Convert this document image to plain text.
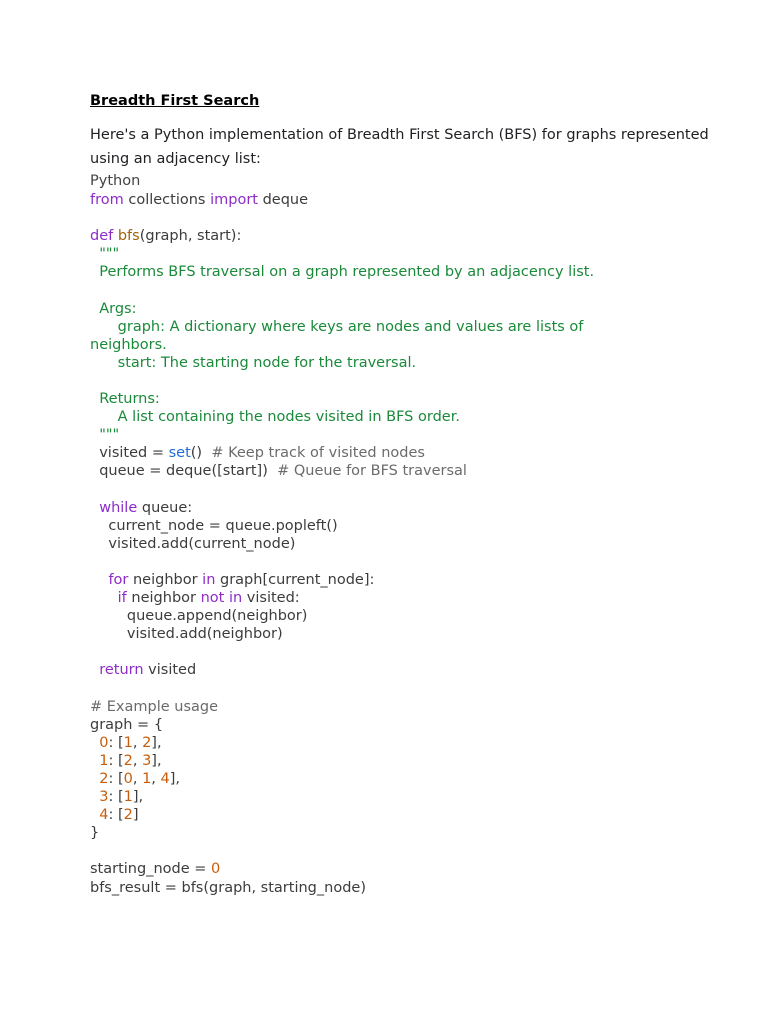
Breadth First Search

Here's a Python implementation of Breadth First Search (BFS) for graphs represented using an adjacency list:

Python
from collections import deque

def bfs(graph, start):
"""
Performs BFS traversal on a graph represented by an adjacency list.

Args:
graph: A dictionary where keys are nodes and values are lists of
neighbors.
start: The starting node for the traversal.

Returns:
A list containing the nodes visited in BFS order.
"""
visited = set()  # Keep track of visited nodes
queue = deque([start])  # Queue for BFS traversal

while queue:
current_node = queue.popleft()
visited.add(current_node)

for neighbor in graph[current_node]:
if neighbor not in visited:
queue.append(neighbor)
visited.add(neighbor)

return visited

# Example usage
graph = {
0: [1, 2],
1: [2, 3],
2: [0, 1, 4],
3: [1],
4: [2]
}

starting_node = 0
bfs_result = bfs(graph, starting_node)
